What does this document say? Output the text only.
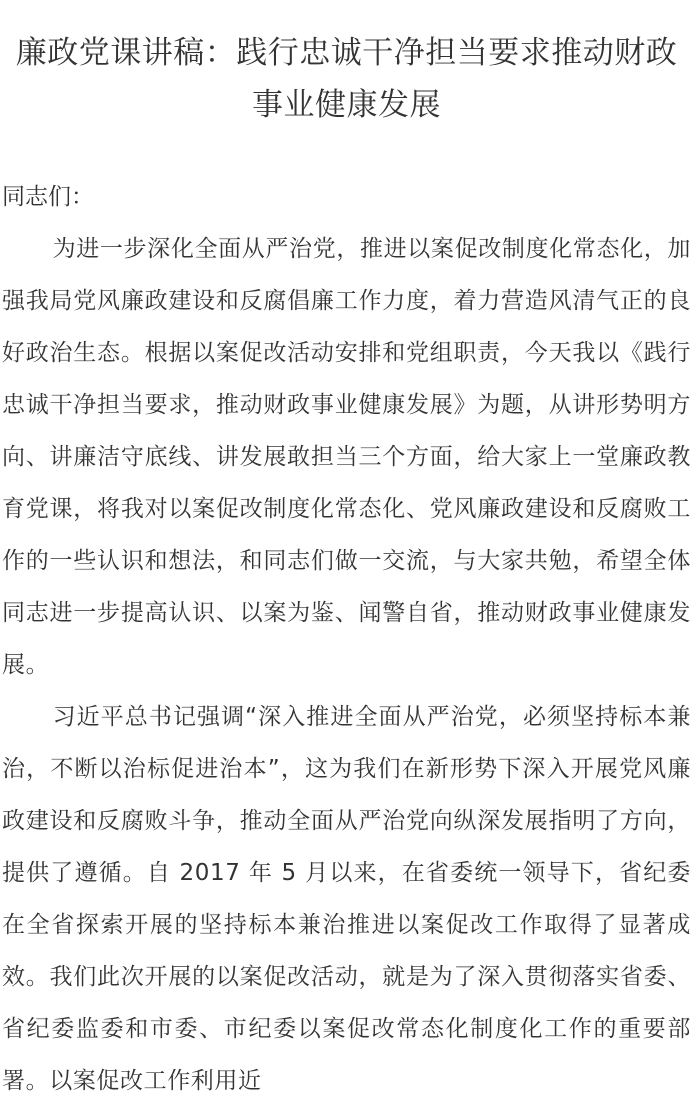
廉政党课讲稿：践行忠诚干净担当要求推动财政事业健康发展

同志们：

为进一步深化全面从严治党，推进以案促改制度化常态化，加强我局党风廉政建设和反腐倡廉工作力度，着力营造风清气正的良好政治生态。根据以案促改活动安排和党组职责，今天我以《践行忠诚干净担当要求，推动财政事业健康发展》为题，从讲形势明方向、讲廉洁守底线、讲发展敢担当三个方面，给大家上一堂廉政教育党课，将我对以案促改制度化常态化、党风廉政建设和反腐败工作的一些认识和想法，和同志们做一交流，与大家共勉，希望全体同志进一步提高认识、以案为鉴、闻警自省，推动财政事业健康发展。

习近平总书记强调“深入推进全面从严治党，必须坚持标本兼治，不断以治标促进治本”，这为我们在新形势下深入开展党风廉政建设和反腐败斗争，推动全面从严治党向纵深发展指明了方向，提供了遵循。自 2017 年 5 月以来，在省委统一领导下，省纪委在全省探索开展的坚持标本兼治推进以案促改工作取得了显著成效。我们此次开展的以案促改活动，就是为了深入贯彻落实省委、省纪委监委和市委、市纪委以案促改常态化制度化工作的重要部署。以案促改工作利用近
